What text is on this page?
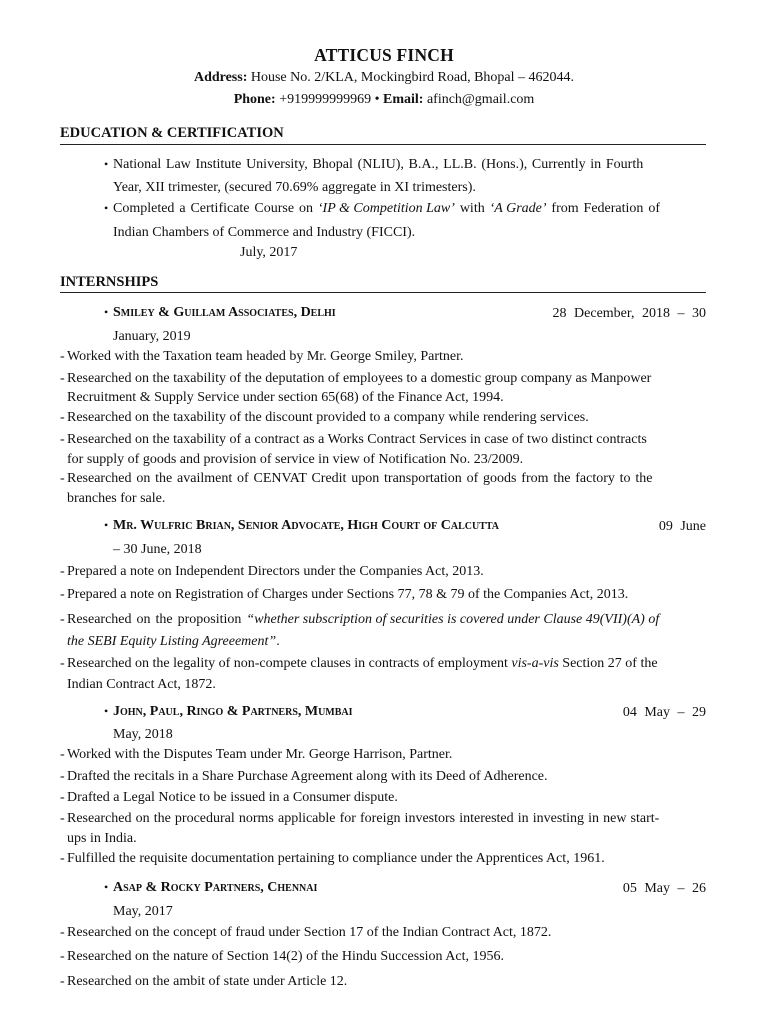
ATTICUS FINCH
Address: House No. 2/KLA, Mockingbird Road, Bhopal – 462044.
Phone: +919999999969 • Email: afinch@gmail.com
EDUCATION & CERTIFICATION
• National Law Institute University, Bhopal (NLIU), B.A., LL.B. (Hons.), Currently in Fourth
Year, XII trimester, (secured 70.69% aggregate in XI trimesters).
• Completed a Certificate Course on ‘IP & Competition Law’ with ‘A Grade’ from Federation of
Indian Chambers of Commerce and Industry (FICCI).
July, 2017
INTERNSHIPS
• Smiley & Guillam Associates, Delhi	28 December, 2018 – 30
January, 2019
- Worked with the Taxation team headed by Mr. George Smiley, Partner.
- Researched on the taxability of the deputation of employees to a domestic group company as Manpower
Recruitment & Supply Service under section 65(68) of the Finance Act, 1994.
- Researched on the taxability of the discount provided to a company while rendering services.
- Researched on the taxability of a contract as a Works Contract Services in case of two distinct contracts
for supply of goods and provision of service in view of Notification No. 23/2009.
- Researched on the availment of CENVAT Credit upon transportation of goods from the factory to the
branches for sale.
• Mr. Wulfric Brian, Senior Advocate, High Court of Calcutta	09 June
– 30 June, 2018
- Prepared a note on Independent Directors under the Companies Act, 2013.
- Prepared a note on Registration of Charges under Sections 77, 78 & 79 of the Companies Act, 2013.
- Researched on the proposition “whether subscription of securities is covered under Clause 49(VII)(A) of
the SEBI Equity Listing Agreeement”.
- Researched on the legality of non-compete clauses in contracts of employment vis-a-vis Section 27 of the
Indian Contract Act, 1872.
• John, Paul, Ringo & Partners, Mumbai	04 May – 29
May, 2018
- Worked with the Disputes Team under Mr. George Harrison, Partner.
- Drafted the recitals in a Share Purchase Agreement along with its Deed of Adherence.
- Drafted a Legal Notice to be issued in a Consumer dispute.
- Researched on the procedural norms applicable for foreign investors interested in investing in new start-
ups in India.
- Fulfilled the requisite documentation pertaining to compliance under the Apprentices Act, 1961.
• Asap & Rocky Partners, Chennai	05 May – 26
May, 2017
- Researched on the concept of fraud under Section 17 of the Indian Contract Act, 1872.
- Researched on the nature of Section 14(2) of the Hindu Succession Act, 1956.
- Researched on the ambit of state under Article 12.
